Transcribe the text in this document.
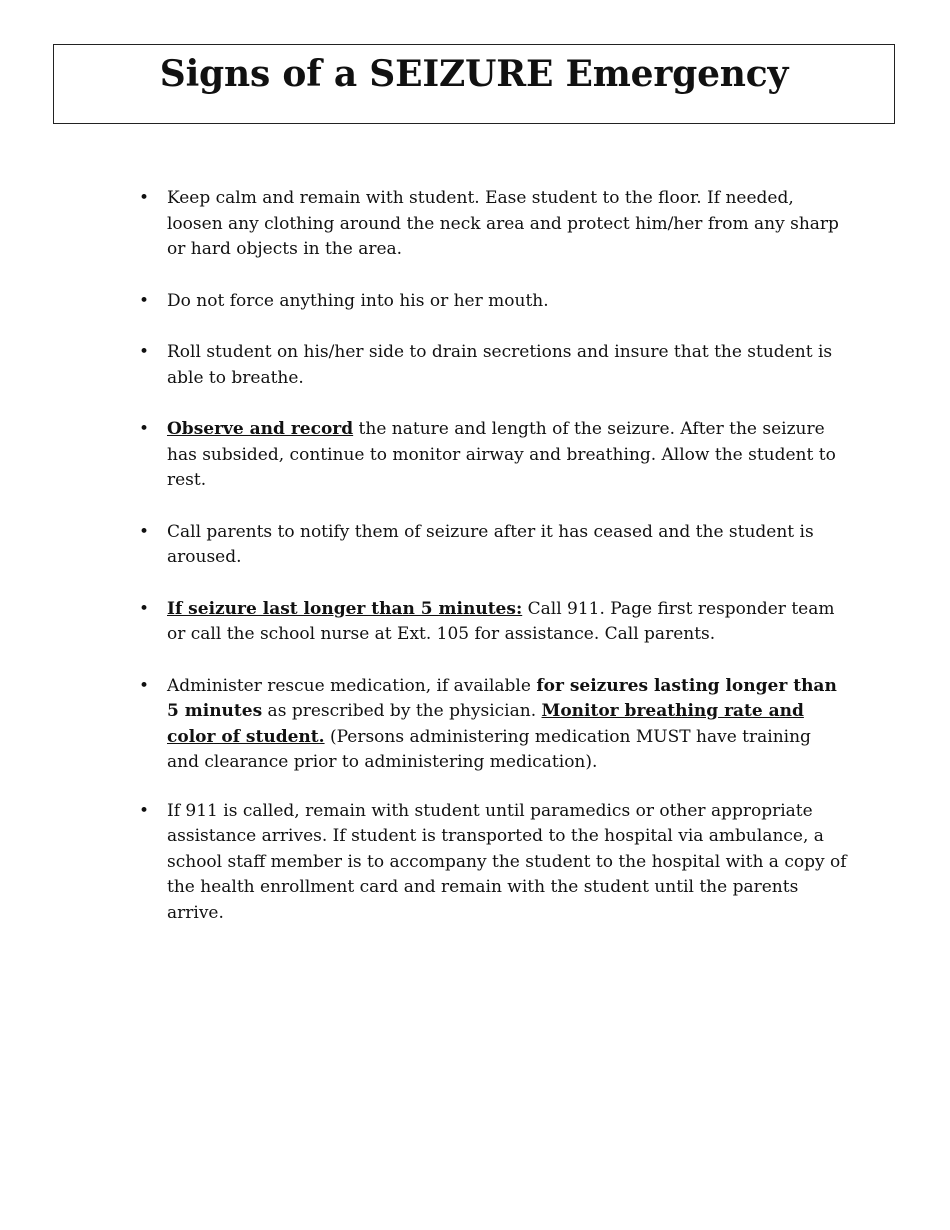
Signs of a SEIZURE Emergency
• Keep calm and remain with student. Ease student to the floor. If needed, loosen any clothing around the neck area and protect him/her from any sharp or hard objects in the area.
• Do not force anything into his or her mouth.
• Roll student on his/her side to drain secretions and insure that the student is able to breathe.
• Observe and record the nature and length of the seizure. After the seizure has subsided, continue to monitor airway and breathing. Allow the student to rest.
• Call parents to notify them of seizure after it has ceased and the student is aroused.
• If seizure last longer than 5 minutes: Call 911. Page first responder team or call the school nurse at Ext. 105 for assistance. Call parents.
• Administer rescue medication, if available for seizures lasting longer than 5 minutes as prescribed by the physician. Monitor breathing rate and color of student. (Persons administering medication MUST have training and clearance prior to administering medication).
• If 911 is called, remain with student until paramedics or other appropriate assistance arrives. If student is transported to the hospital via ambulance, a school staff member is to accompany the student to the hospital with a copy of the health enrollment card and remain with the student until the parents arrive.
